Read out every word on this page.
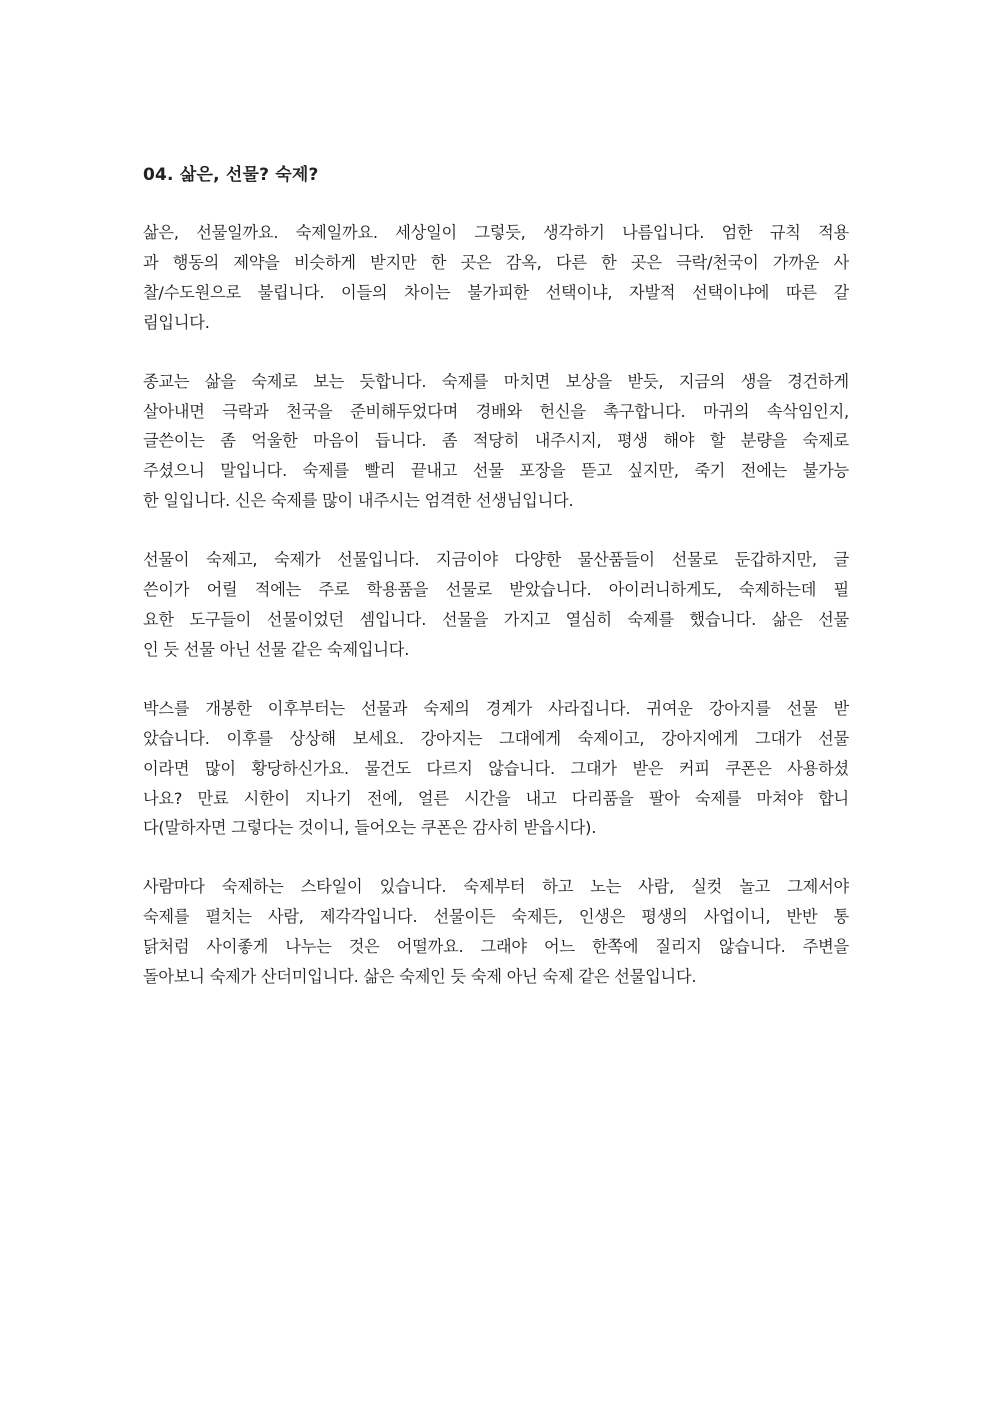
04. 삶은, 선물? 숙제?
삶은, 선물일까요. 숙제일까요. 세상일이 그렇듯, 생각하기 나름입니다. 엄한 규칙 적용
과 행동의 제약을 비슷하게 받지만 한 곳은 감옥, 다른 한 곳은 극락/천국이 가까운 사
찰/수도원으로 불립니다. 이들의 차이는 불가피한 선택이냐, 자발적 선택이냐에 따른 갈
림입니다.
종교는 삶을 숙제로 보는 듯합니다. 숙제를 마치면 보상을 받듯, 지금의 생을 경건하게
살아내면 극락과 천국을 준비해두었다며 경배와 헌신을 촉구합니다. 마귀의 속삭임인지,
글쓴이는 좀 억울한 마음이 듭니다. 좀 적당히 내주시지, 평생 해야 할 분량을 숙제로
주셨으니 말입니다. 숙제를 빨리 끝내고 선물 포장을 뜯고 싶지만, 죽기 전에는 불가능
한 일입니다. 신은 숙제를 많이 내주시는 엄격한 선생님입니다.
선물이 숙제고, 숙제가 선물입니다. 지금이야 다양한 물산품들이 선물로 둔갑하지만, 글
쓴이가 어릴 적에는 주로 학용품을 선물로 받았습니다. 아이러니하게도, 숙제하는데 필
요한 도구들이 선물이었던 셈입니다. 선물을 가지고 열심히 숙제를 했습니다. 삶은 선물
인 듯 선물 아닌 선물 같은 숙제입니다.
박스를 개봉한 이후부터는 선물과 숙제의 경계가 사라집니다. 귀여운 강아지를 선물 받
았습니다. 이후를 상상해 보세요. 강아지는 그대에게 숙제이고, 강아지에게 그대가 선물
이라면 많이 황당하신가요. 물건도 다르지 않습니다. 그대가 받은 커피 쿠폰은 사용하셨
나요? 만료 시한이 지나기 전에, 얼른 시간을 내고 다리품을 팔아 숙제를 마쳐야 합니
다(말하자면 그렇다는 것이니, 들어오는 쿠폰은 감사히 받읍시다).
사람마다 숙제하는 스타일이 있습니다. 숙제부터 하고 노는 사람, 실컷 놀고 그제서야
숙제를 펼치는 사람, 제각각입니다. 선물이든 숙제든, 인생은 평생의 사업이니, 반반 통
닭처럼 사이좋게 나누는 것은 어떨까요. 그래야 어느 한쪽에 질리지 않습니다. 주변을
돌아보니 숙제가 산더미입니다. 삶은 숙제인 듯 숙제 아닌 숙제 같은 선물입니다.
